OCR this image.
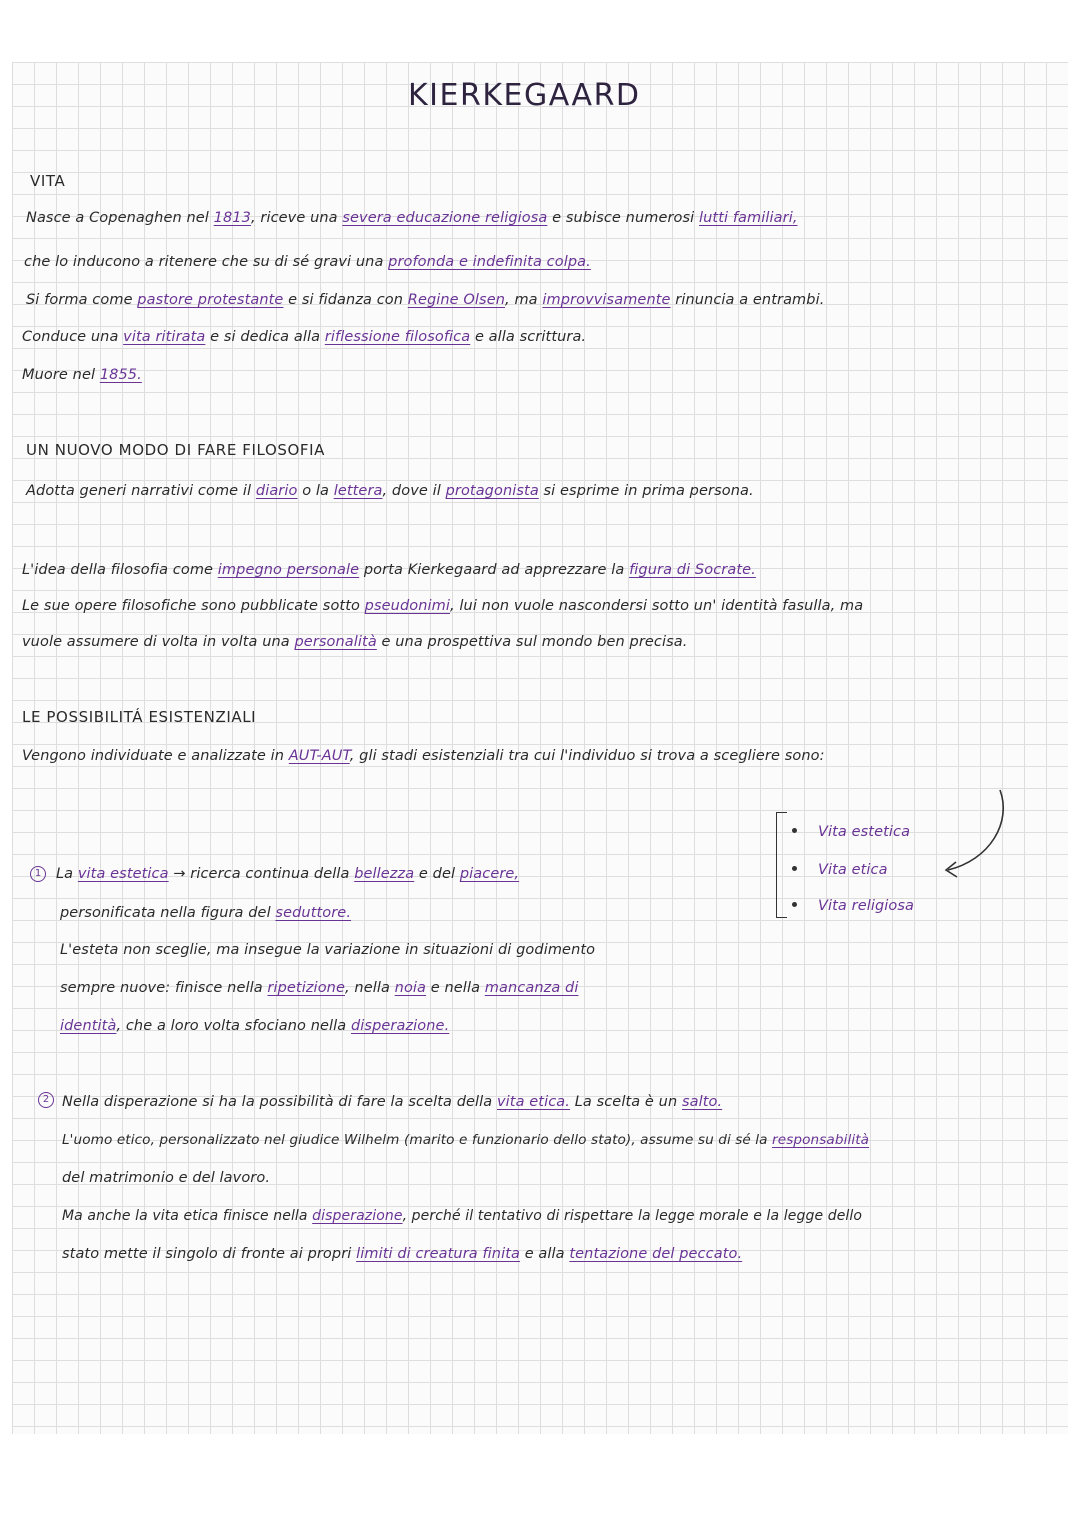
KIERKEGAARD
VITA
Nasce a Copenaghen nel 1813, riceve una severa educazione religiosa e subisce numerosi lutti familiari,
che lo inducono a ritenere che su di sé gravi una profonda e indefinita colpa.
Si forma come pastore protestante e si fidanza con Regine Olsen, ma improvvisamente rinuncia a entrambi.
Conduce una vita ritirata e si dedica alla riflessione filosofica e alla scrittura.
Muore nel 1855.
UN NUOVO MODO DI FARE FILOSOFIA
Adotta generi narrativi come il diario o la lettera, dove il protagonista si esprime in prima persona.
L'idea della filosofia come impegno personale porta Kierkegaard ad apprezzare la figura di Socrate.
Le sue opere filosofiche sono pubblicate sotto pseudonimi, lui non vuole nascondersi sotto un' identità fasulla, ma
vuole assumere di volta in volta una personalità e una prospettiva sul mondo ben precisa.
LE POSSIBILITÁ ESISTENZIALI
Vengono individuate e analizzate in AUT-AUT, gli stadi esistenziali tra cui l'individuo si trova a scegliere sono:
Vita estetica
Vita etica
Vita religiosa
1	La vita estetica → ricerca continua della bellezza e del piacere,
personificata nella figura del seduttore.
L'esteta non sceglie, ma insegue la variazione in situazioni di godimento
sempre nuove: finisce nella ripetizione, nella noia e nella mancanza di
identità, che a loro volta sfociano nella disperazione.
2 Nella disperazione si ha la possibilità di fare la scelta della vita etica. La scelta è un salto.
L'uomo etico, personalizzato nel giudice Wilhelm (marito e funzionario dello stato), assume su di sé la responsabilità
del matrimonio e del lavoro.
Ma anche la vita etica finisce nella disperazione, perché il tentativo di rispettare la legge morale e la legge dello
stato mette il singolo di fronte ai propri limiti di creatura finita e alla tentazione del peccato.
